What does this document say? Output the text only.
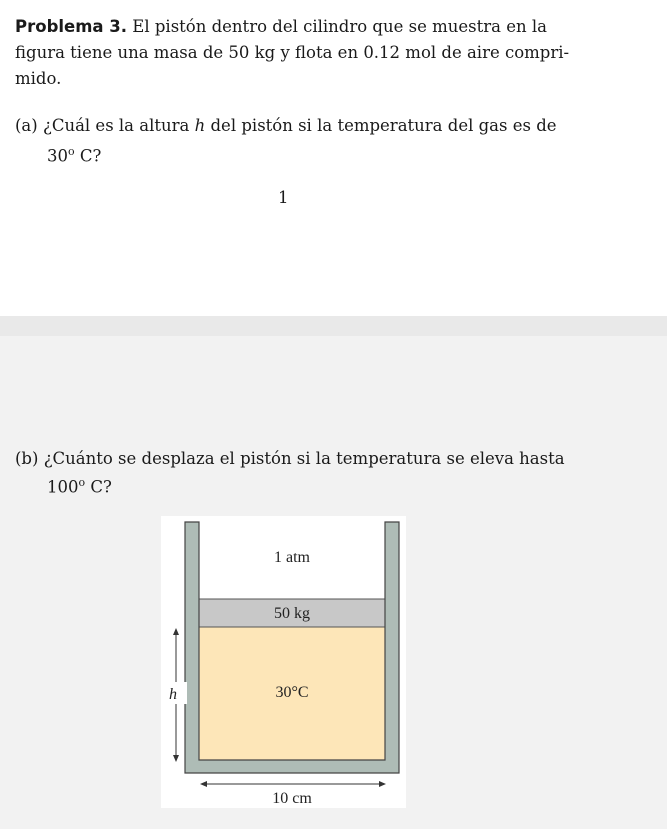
Problema 3. El pistón dentro del cilindro que se muestra en la
figura tiene una masa de 50 kg y flota en 0.12 mol de aire compri-
mido.
(a) ¿Cuál es la altura h del pistón si la temperatura del gas es de
30$^o$ C?
1
(b) ¿Cuánto se desplaza el pistón si la temperatura se eleva hasta
100$^o$ C?
1 atm
50 kg
30°C
h
10 cm
